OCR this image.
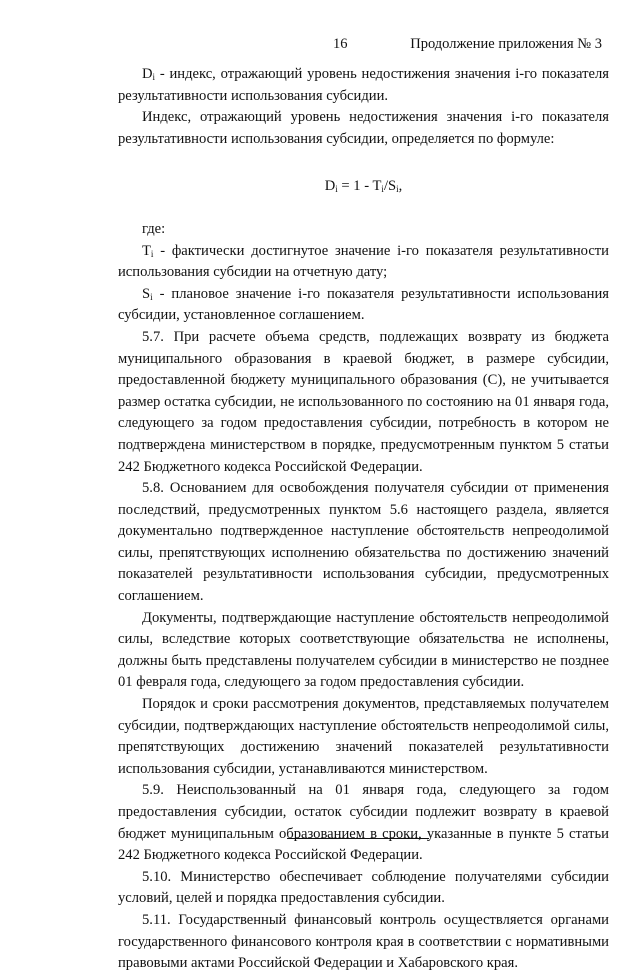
16	Продолжение приложения № 3

$D_i$ - индекс, отражающий уровень недостижения значения i-го показателя результативности использования субсидии.

Индекс, отражающий уровень недостижения значения i-го показателя результативности использования субсидии, определяется по формуле:

$D_i = 1 - T_i/S_i$,

где:

$T_i$ - фактически достигнутое значение i-го показателя результативности использования субсидии на отчетную дату;

$S_i$ - плановое значение i-го показателя результативности использования субсидии, установленное соглашением.

5.7. При расчете объема средств, подлежащих возврату из бюджета муниципального образования в краевой бюджет, в размере субсидии, предоставленной бюджету муниципального образования (C), не учитывается размер остатка субсидии, не использованного по состоянию на 01 января года, следующего за годом предоставления субсидии, потребность в котором не подтверждена министерством в порядке, предусмотренным пунктом 5 статьи 242 Бюджетного кодекса Российской Федерации.

5.8. Основанием для освобождения получателя субсидии от применения последствий, предусмотренных пунктом 5.6 настоящего раздела, является документально подтвержденное наступление обстоятельств непреодолимой силы, препятствующих исполнению обязательства по достижению значений показателей результативности использования субсидии, предусмотренных соглашением.

Документы, подтверждающие наступление обстоятельств непреодолимой силы, вследствие которых соответствующие обязательства не исполнены, должны быть представлены получателем субсидии в министерство не позднее 01 февраля года, следующего за годом предоставления субсидии.

Порядок и сроки рассмотрения документов, представляемых получателем субсидии, подтверждающих наступление обстоятельств непреодолимой силы, препятствующих достижению значений показателей результативности использования субсидии, устанавливаются министерством.

5.9. Неиспользованный на 01 января года, следующего за годом предоставления субсидии, остаток субсидии подлежит возврату в краевой бюджет муниципальным образованием в сроки, указанные в пункте 5 статьи 242 Бюджетного кодекса Российской Федерации.

5.10. Министерство обеспечивает соблюдение получателями субсидии условий, целей и порядка предоставления субсидии.

5.11. Государственный финансовый контроль осуществляется органами государственного финансового контроля края в соответствии с нормативными правовыми актами Российской Федерации и Хабаровского края.
